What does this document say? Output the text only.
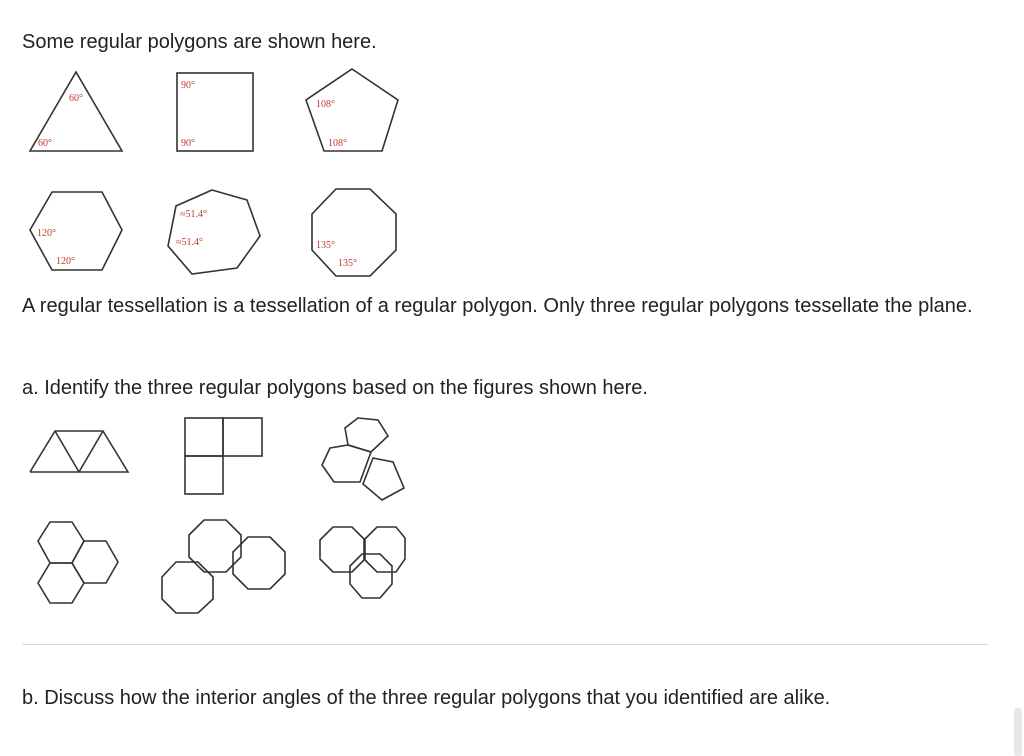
Some regular polygons are shown here.

60°
60°
90°
90°
108°
108°
120°
120°
≈51.4°
≈51.4°	135°
135°

A regular tessellation is a tessellation of a regular polygon. Only three regular polygons tessellate the plane.

a. Identify the three regular polygons based on the figures shown here.

b. Discuss how the interior angles of the three regular polygons that you identified are alike.
